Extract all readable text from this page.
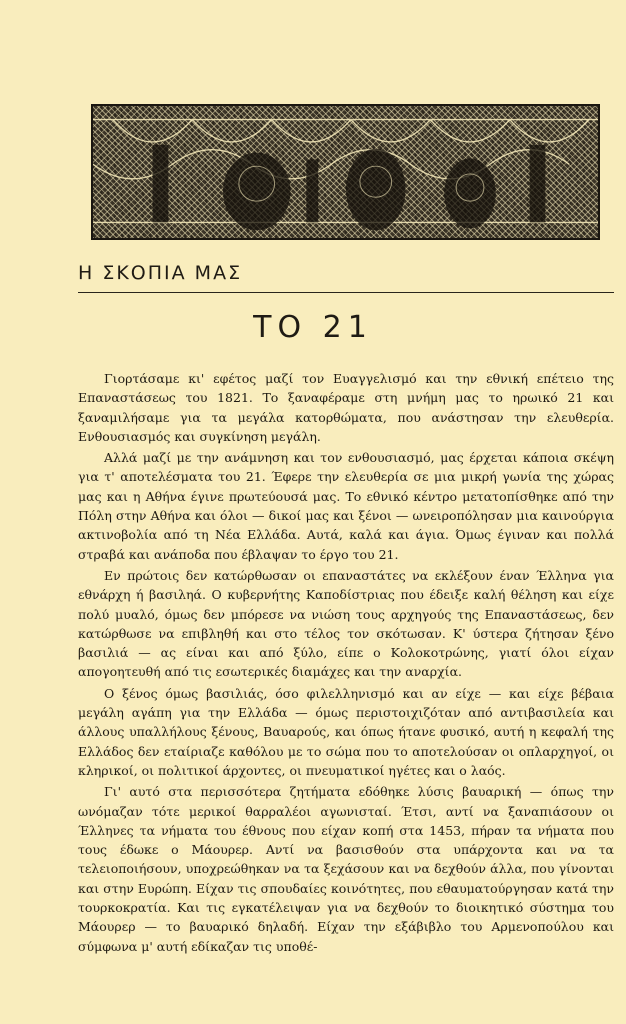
Η ΣΚΟΠΙΑ ΜΑΣ
ΤΟ 21

Γιορτάσαμε κι' εφέτος μαζί τον Ευαγγελισμό και την εθνική επέτειο της Επαναστάσεως του 1821. Το ξαναφέραμε στη μνήμη μας το ηρωικό 21 και ξαναμιλήσαμε για τα μεγάλα κατορθώματα, που ανάστησαν την ελευθερία. Ενθουσιασμός και συγκίνηση μεγάλη.

Αλλά μαζί με την ανάμνηση και τον ενθουσιασμό, μας έρχεται κάποια σκέψη για τ' αποτελέσματα του 21. Έφερε την ελευθερία σε μια μικρή γωνία της χώρας μας και η Αθήνα έγινε πρωτεύουσά μας. Το εθνικό κέντρο μετατοπίσθηκε από την Πόλη στην Αθήνα και όλοι — δικοί μας και ξένοι — ωνειροπόλησαν μια καινούργια ακτινοβολία από τη Νέα Ελλάδα. Αυτά, καλά και άγια. Όμως έγιναν και πολλά στραβά και ανάποδα που έβλαψαν το έργο του 21.

Εν πρώτοις δεν κατώρθωσαν οι επαναστάτες να εκλέξουν έναν Έλληνα για εθνάρχη ή βασιληά. Ο κυβερνήτης Καποδίστριας που έδειξε καλή θέληση και είχε πολύ μυαλό, όμως δεν μπόρεσε να νιώση τους αρχηγούς της Επαναστάσεως, δεν κατώρθωσε να επιβληθή και στο τέλος τον σκότωσαν. Κ' ύστερα ζήτησαν ξένο βασιλιά — ας είναι και από ξύλο, είπε ο Κολοκοτρώνης, γιατί όλοι είχαν απογοητευθή από τις εσωτερικές διαμάχες και την αναρχία.

Ο ξένος όμως βασιλιάς, όσο φιλελληνισμό και αν είχε — και είχε βέβαια μεγάλη αγάπη για την Ελλάδα — όμως περιστοιχιζόταν από αντιβασιλεία και άλλους υπαλλήλους ξένους, Βαυαρούς, και όπως ήτανε φυσικό, αυτή η κεφαλή της Ελλάδος δεν εταίριαζε καθόλου με το σώμα που το αποτελούσαν οι οπλαρχηγοί, οι κληρικοί, οι πολιτικοί άρχοντες, οι πνευματικοί ηγέτες και ο λαός.

Γι' αυτό στα περισσότερα ζητήματα εδόθηκε λύσις βαυαρική — όπως την ωνόμαζαν τότε μερικοί θαρραλέοι αγωνισταί. Έτσι, αντί να ξαναπιάσουν οι Έλληνες τα νήματα του έθνους που είχαν κοπή στα 1453, πήραν τα νήματα που τους έδωκε ο Μάουρερ. Αντί να βασισθούν στα υπάρχοντα και να τα τελειοποιήσουν, υποχρεώθηκαν να τα ξεχάσουν και να δεχθούν άλλα, που γίνονται και στην Ευρώπη. Είχαν τις σπουδαίες κοινότητες, που εθαυματούργησαν κατά την τουρκοκρατία. Και τις εγκατέλειψαν για να δεχθούν το διοικητικό σύστημα του Μάουρερ — το βαυαρικό δηλαδή. Είχαν την εξάβιβλο του Αρμενοπούλου και σύμφωνα μ' αυτή εδίκαζαν τις υποθέ-
